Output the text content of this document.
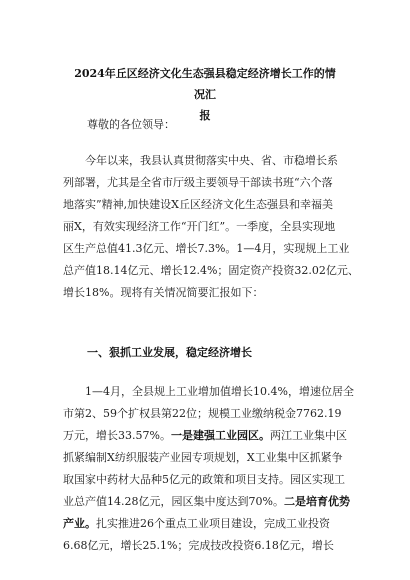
2024年丘区经济文化生态强县稳定经济增长工作的情况汇
报
尊敬的各位领导：
今年以来，我县认真贯彻落实中央、省、市稳增长系
列部署，尤其是全省市厅级主要领导干部读书班“六个落
地落实”精神,加快建设X丘区经济文化生态强县和幸福美
丽X，有效实现经济工作“开门红”。一季度，全县实现地
区生产总值41.3亿元、增长7.3%。1—4月，实现规上工业
总产值18.14亿元、增长12.4%；固定资产投资32.02亿元、
增长18%。现将有关情况简要汇报如下：
一、狠抓工业发展，稳定经济增长
1—4月，全县规上工业增加值增长10.4%，增速位居全
市第2、59个扩权县第22位；规模工业缴纳税金7762.19
万元，增长33.57%。一是建强工业园区。两江工业集中区
抓紧编制X纺织服装产业园专项规划，X工业集中区抓紧争
取国家中药材大品种5亿元的政策和项目支持。园区实现工
业总产值14.28亿元，园区集中度达到70%。二是培育优势
产业。扎实推进26个重点工业项目建设，完成工业投资
6.68亿元，增长25.1%；完成技改投资6.18亿元，增长
